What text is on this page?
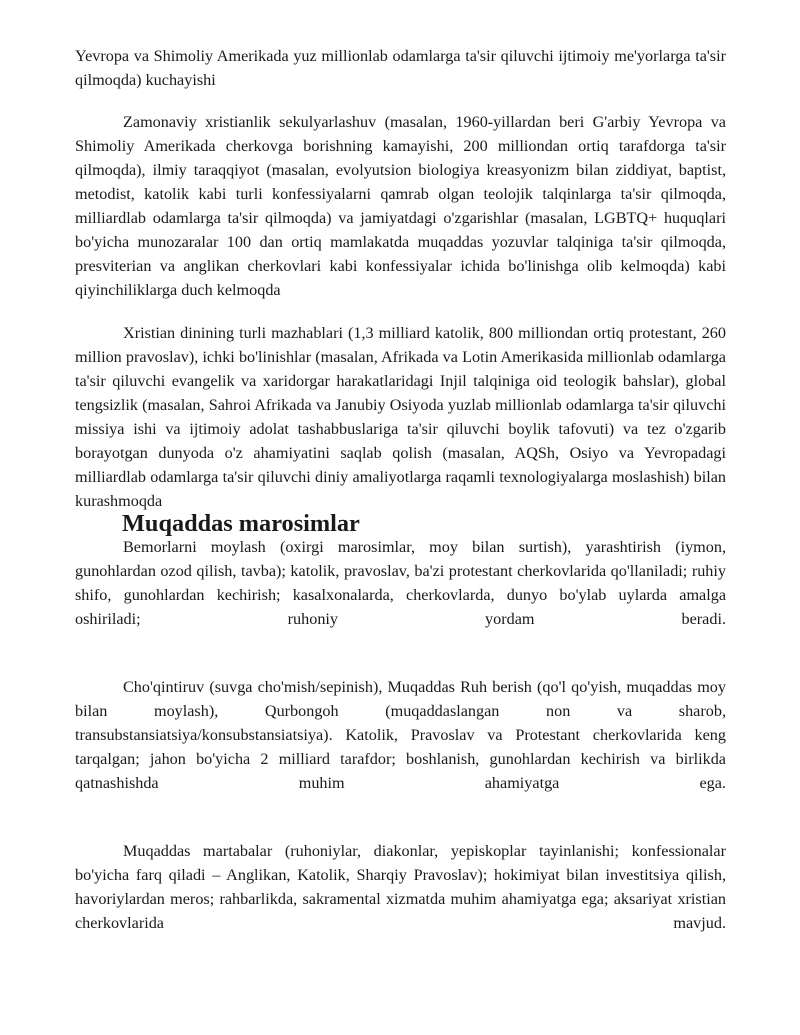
Yevropa va Shimoliy Amerikada yuz millionlab odamlarga ta'sir qiluvchi ijtimoiy me'yorlarga ta'sir qilmoqda) kuchayishi

Zamonaviy xristianlik sekulyarlashuv (masalan, 1960-yillardan beri G'arbiy Yevropa va Shimoliy Amerikada cherkovga borishning kamayishi, 200 milliondan ortiq tarafdorga ta'sir qilmoqda), ilmiy taraqqiyot (masalan, evolyutsion biologiya kreasyonizm bilan ziddiyat, baptist, metodist, katolik kabi turli konfessiyalarni qamrab olgan teolojik talqinlarga ta'sir qilmoqda, milliardlab odamlarga ta'sir qilmoqda) va jamiyatdagi o'zgarishlar (masalan, LGBTQ+ huquqlari bo'yicha munozaralar 100 dan ortiq mamlakatda muqaddas yozuvlar talqiniga ta'sir qilmoqda, presviterian va anglikan cherkovlari kabi konfessiyalar ichida bo'linishga olib kelmoqda) kabi qiyinchiliklarga duch kelmoqda

Xristian dinining turli mazhablari (1,3 milliard katolik, 800 milliondan ortiq protestant, 260 million pravoslav), ichki bo'linishlar (masalan, Afrikada va Lotin Amerikasida millionlab odamlarga ta'sir qiluvchi evangelik va xaridorgar harakatlaridagi Injil talqiniga oid teologik bahslar), global tengsizlik (masalan, Sahroi Afrikada va Janubiy Osiyoda yuzlab millionlab odamlarga ta'sir qiluvchi missiya ishi va ijtimoiy adolat tashabbuslariga ta'sir qiluvchi boylik tafovuti) va tez o'zgarib borayotgan dunyoda o'z ahamiyatini saqlab qolish (masalan, AQSh, Osiyo va Yevropadagi milliardlab odamlarga ta'sir qiluvchi diniy amaliyotlarga raqamli texnologiyalarga moslashish) bilan kurashmoqda

Muqaddas marosimlar

Bemorlarni moylash (oxirgi marosimlar, moy bilan surtish), yarashtirish (iymon, gunohlardan ozod qilish, tavba); katolik, pravoslav, ba'zi protestant cherkovlarida qo'llaniladi; ruhiy shifo, gunohlardan kechirish; kasalxonalarda, cherkovlarda, dunyo bo'ylab uylarda amalga oshiriladi; ruhoniy yordam beradi.

Cho'qintiruv (suvga cho'mish/sepinish), Muqaddas Ruh berish (qo'l qo'yish, muqaddas moy bilan moylash), Qurbongoh (muqaddaslangan non va sharob, transubstansiatsiya/konsubstansiatsiya). Katolik, Pravoslav va Protestant cherkovlarida keng tarqalgan; jahon bo'yicha 2 milliard tarafdor; boshlanish, gunohlardan kechirish va birlikda qatnashishda muhim ahamiyatga ega.

Muqaddas martabalar (ruhoniylar, diakonlar, yepiskoplar tayinlanishi; konfessionalar bo'yicha farq qiladi – Anglikan, Katolik, Sharqiy Pravoslav); hokimiyat bilan investitsiya qilish, havoriylardan meros; rahbarlikda, sakramental xizmatda muhim ahamiyatga ega; aksariyat xristian cherkovlarida mavjud.
